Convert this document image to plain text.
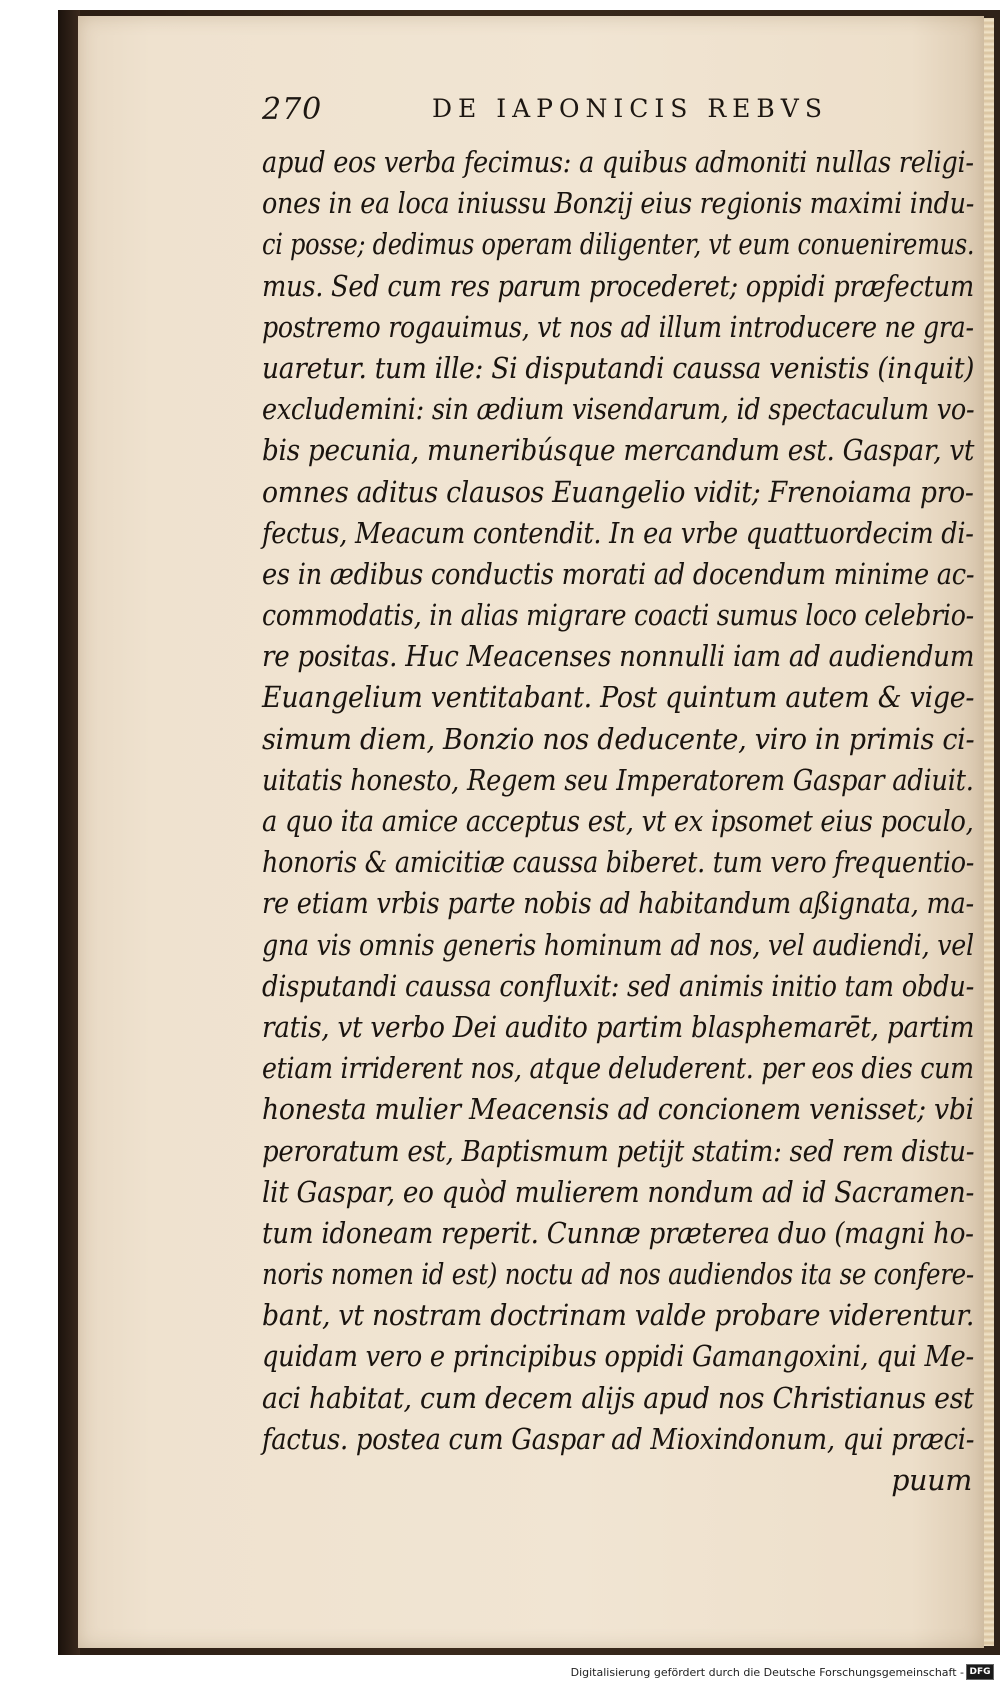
270	DE IAPONICIS REBVS
apud eos verba fecimus: a quibus admoniti nullas religi-
ones in ea loca iniussu Bonzij eius regionis maximi indu-
ci posse; dedimus operam diligenter, vt eum conueniremus.
mus. Sed cum res parum procederet; oppidi præfectum
postremo rogauimus, vt nos ad illum introducere ne gra-
uaretur. tum ille: Si disputandi caussa venistis (inquit)
excludemini: sin ædium visendarum, id spectaculum vo-
bis pecunia, muneribúsque mercandum est. Gaspar, vt
omnes aditus clausos Euangelio vidit; Frenoiama pro-
fectus, Meacum contendit. In ea vrbe quattuordecim di-
es in ædibus conductis morati ad docendum minime ac-
commodatis, in alias migrare coacti sumus loco celebrio-
re positas. Huc Meacenses nonnulli iam ad audiendum
Euangelium ventitabant. Post quintum autem & vige-
simum diem, Bonzio nos deducente, viro in primis ci-
uitatis honesto, Regem seu Imperatorem Gaspar adiuit.
a quo ita amice acceptus est, vt ex ipsomet eius poculo,
honoris & amicitiæ caussa biberet. tum vero frequentio-
re etiam vrbis parte nobis ad habitandum aßignata, ma-
gna vis omnis generis hominum ad nos, vel audiendi, vel
disputandi caussa confluxit: sed animis initio tam obdu-
ratis, vt verbo Dei audito partim blasphemarēt, partim
etiam irriderent nos, atque deluderent. per eos dies cum
honesta mulier Meacensis ad concionem venisset; vbi
peroratum est, Baptismum petijt statim: sed rem distu-
lit Gaspar, eo quòd mulierem nondum ad id Sacramen-
tum idoneam reperit. Cunnæ præterea duo (magni ho-
noris nomen id est) noctu ad nos audiendos ita se confere-
bant, vt nostram doctrinam valde probare viderentur.
quidam vero e principibus oppidi Gamangoxini, qui Me-
aci habitat, cum decem alijs apud nos Christianus est
factus. postea cum Gaspar ad Mioxindonum, qui præci-
puum
Digitalisierung gefördert durch die Deutsche Forschungsgemeinschaft - DFG
